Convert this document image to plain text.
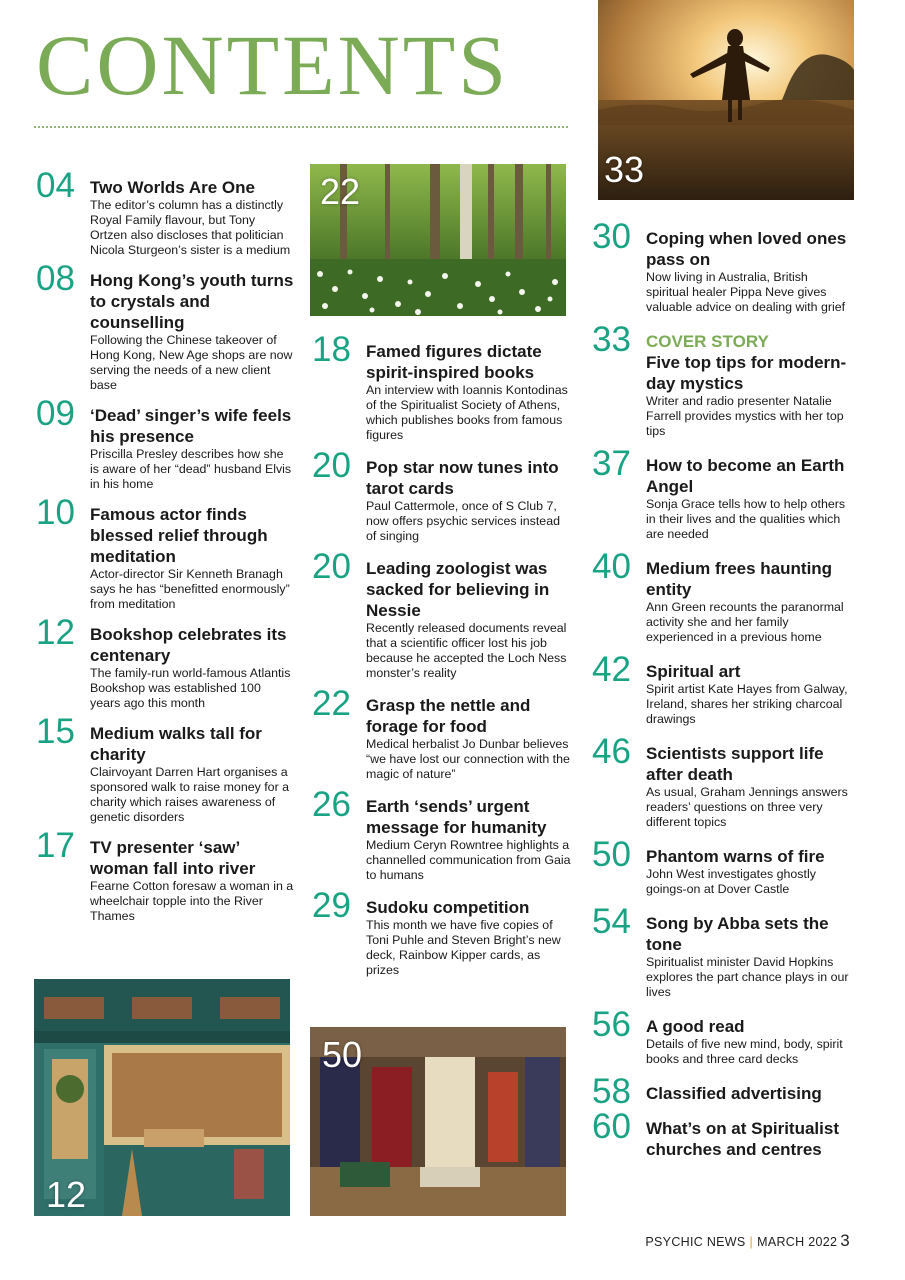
CONTENTS
33
22
12
50
04 Two Worlds Are One
The editor’s column has a distinctly Royal Family flavour, but Tony Ortzen also discloses that politician Nicola Sturgeon’s sister is a medium
08 Hong Kong’s youth turns to crystals and counselling
Following the Chinese takeover of Hong Kong, New Age shops are now serving the needs of a new client base
09 ‘Dead’ singer’s wife feels his presence
Priscilla Presley describes how she is aware of her “dead” husband Elvis in his home
10 Famous actor finds blessed relief through meditation
Actor-director Sir Kenneth Branagh says he has “benefitted enormously” from meditation
12 Bookshop celebrates its centenary
The family-run world-famous Atlantis Bookshop was established 100 years ago this month
15 Medium walks tall for charity
Clairvoyant Darren Hart organises a sponsored walk to raise money for a charity which raises awareness of genetic disorders
17 TV presenter ‘saw’ woman fall into river
Fearne Cotton foresaw a woman in a wheelchair topple into the River Thames
18 Famed figures dictate spirit-inspired books
An interview with Ioannis Kontodinas of the Spiritualist Society of Athens, which publishes books from famous figures
20 Pop star now tunes into tarot cards
Paul Cattermole, once of S Club 7, now offers psychic services instead of singing
20 Leading zoologist was sacked for believing in Nessie
Recently released documents reveal that a scientific officer lost his job because he accepted the Loch Ness monster’s reality
22 Grasp the nettle and forage for food
Medical herbalist Jo Dunbar believes “we have lost our connection with the magic of nature”
26 Earth ‘sends’ urgent message for humanity
Medium Ceryn Rowntree highlights a channelled communication from Gaia to humans
29 Sudoku competition
This month we have five copies of Toni Puhle and Steven Bright’s new deck, Rainbow Kipper cards, as prizes
30 Coping when loved ones pass on
Now living in Australia, British spiritual healer Pippa Neve gives valuable advice on dealing with grief
33 COVER STORY
Five top tips for modern-day mystics
Writer and radio presenter Natalie Farrell provides mystics with her top tips
37 How to become an Earth Angel
Sonja Grace tells how to help others in their lives and the qualities which are needed
40 Medium frees haunting entity
Ann Green recounts the paranormal activity she and her family experienced in a previous home
42 Spiritual art
Spirit artist Kate Hayes from Galway, Ireland, shares her striking charcoal drawings
46 Scientists support life after death
As usual, Graham Jennings answers readers’ questions on three very different topics
50 Phantom warns of fire
John West investigates ghostly goings-on at Dover Castle
54 Song by Abba sets the tone
Spiritualist minister David Hopkins explores the part chance plays in our lives
56 A good read
Details of five new mind, body, spirit books and three card decks
58 Classified advertising
60 What’s on at Spiritualist churches and centres
PSYCHIC NEWS | MARCH 2022 3
